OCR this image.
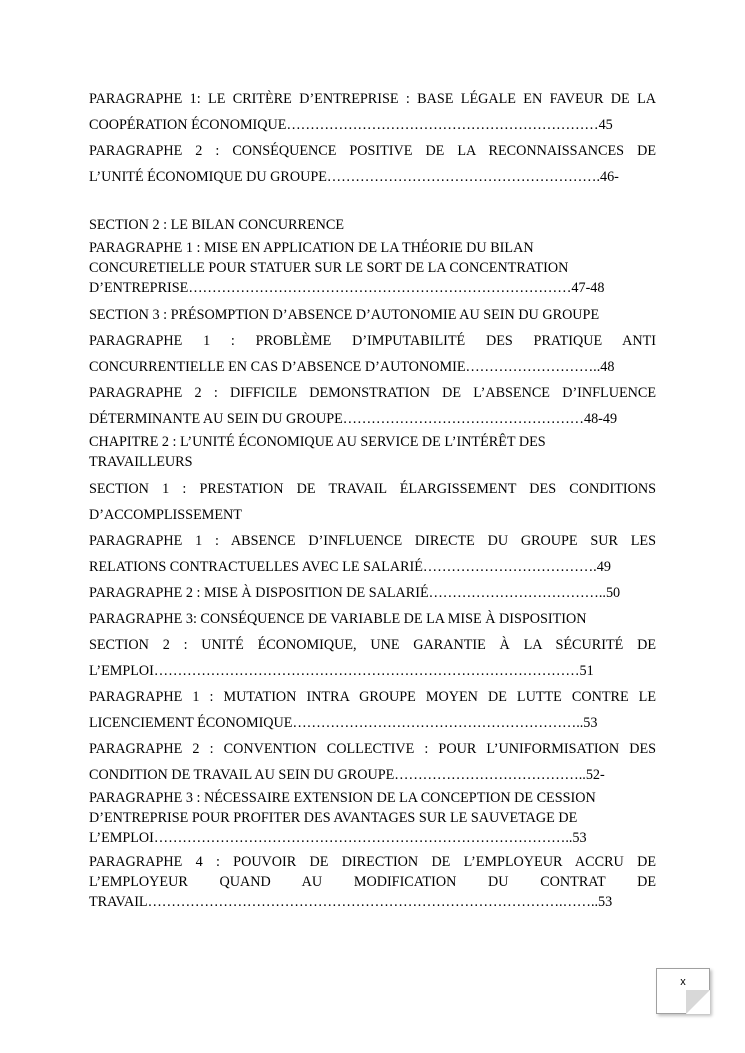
PARAGRAPHE 1: LE CRITÈRE D’ENTREPRISE : BASE LÉGALE EN FAVEUR DE LA
COOPÉRATION ÉCONOMIQUE…………………………………………………………45

PARAGRAPHE 2 : CONSÉQUENCE POSITIVE DE LA RECONNAISSANCES DE
L’UNITÉ ÉCONOMIQUE DU GROUPE………………………………………………….46-

SECTION 2 : LE BILAN CONCURRENCE

PARAGRAPHE 1 : MISE EN APPLICATION DE LA THÉORIE DU BILAN
CONCURETIELLE POUR STATUER SUR LE SORT DE LA CONCENTRATION
D’ENTREPRISE………………………………………………………………………47-48

SECTION 3 : PRÉSOMPTION D’ABSENCE D’AUTONOMIE AU SEIN DU GROUPE

PARAGRAPHE 1 : PROBLÈME D’IMPUTABILITÉ DES PRATIQUE ANTI
CONCURRENTIELLE EN CAS D’ABSENCE D’AUTONOMIE………………………..48

PARAGRAPHE 2 : DIFFICILE DEMONSTRATION DE L’ABSENCE D’INFLUENCE
DÉTERMINANTE AU SEIN DU GROUPE……………………………………………48-49

CHAPITRE 2 : L’UNITÉ ÉCONOMIQUE AU SERVICE DE L’INTÉRÊT DES
TRAVAILLEURS

SECTION 1 : PRESTATION DE TRAVAIL ÉLARGISSEMENT DES CONDITIONS
D’ACCOMPLISSEMENT

PARAGRAPHE 1 : ABSENCE D’INFLUENCE DIRECTE DU GROUPE SUR LES
RELATIONS CONTRACTUELLES AVEC LE SALARIÉ……………………………….49

PARAGRAPHE 2 : MISE À DISPOSITION DE SALARIÉ………………………………..50

PARAGRAPHE 3: CONSÉQUENCE DE VARIABLE DE LA MISE À DISPOSITION

SECTION 2 : UNITÉ ÉCONOMIQUE, UNE GARANTIE À LA SÉCURITÉ DE
L’EMPLOI………………………………………………………………………………51

PARAGRAPHE 1 : MUTATION INTRA GROUPE MOYEN DE LUTTE CONTRE LE
LICENCIEMENT ÉCONOMIQUE……………………………………………………..53

PARAGRAPHE 2 : CONVENTION COLLECTIVE : POUR L’UNIFORMISATION DES
CONDITION DE TRAVAIL AU SEIN DU GROUPE…………………………………..52-

PARAGRAPHE 3 : NÉCESSAIRE EXTENSION DE LA CONCEPTION DE CESSION
D’ENTREPRISE POUR PROFITER DES AVANTAGES SUR LE SAUVETAGE DE
L’EMPLOI……………………………………………………………………………..53

PARAGRAPHE 4 : POUVOIR DE DIRECTION DE L’EMPLOYEUR ACCRU DE
L’EMPLOYEUR QUAND AU MODIFICATION DU CONTRAT DE
TRAVAIL…………………………………………………………………………….……..53

x
